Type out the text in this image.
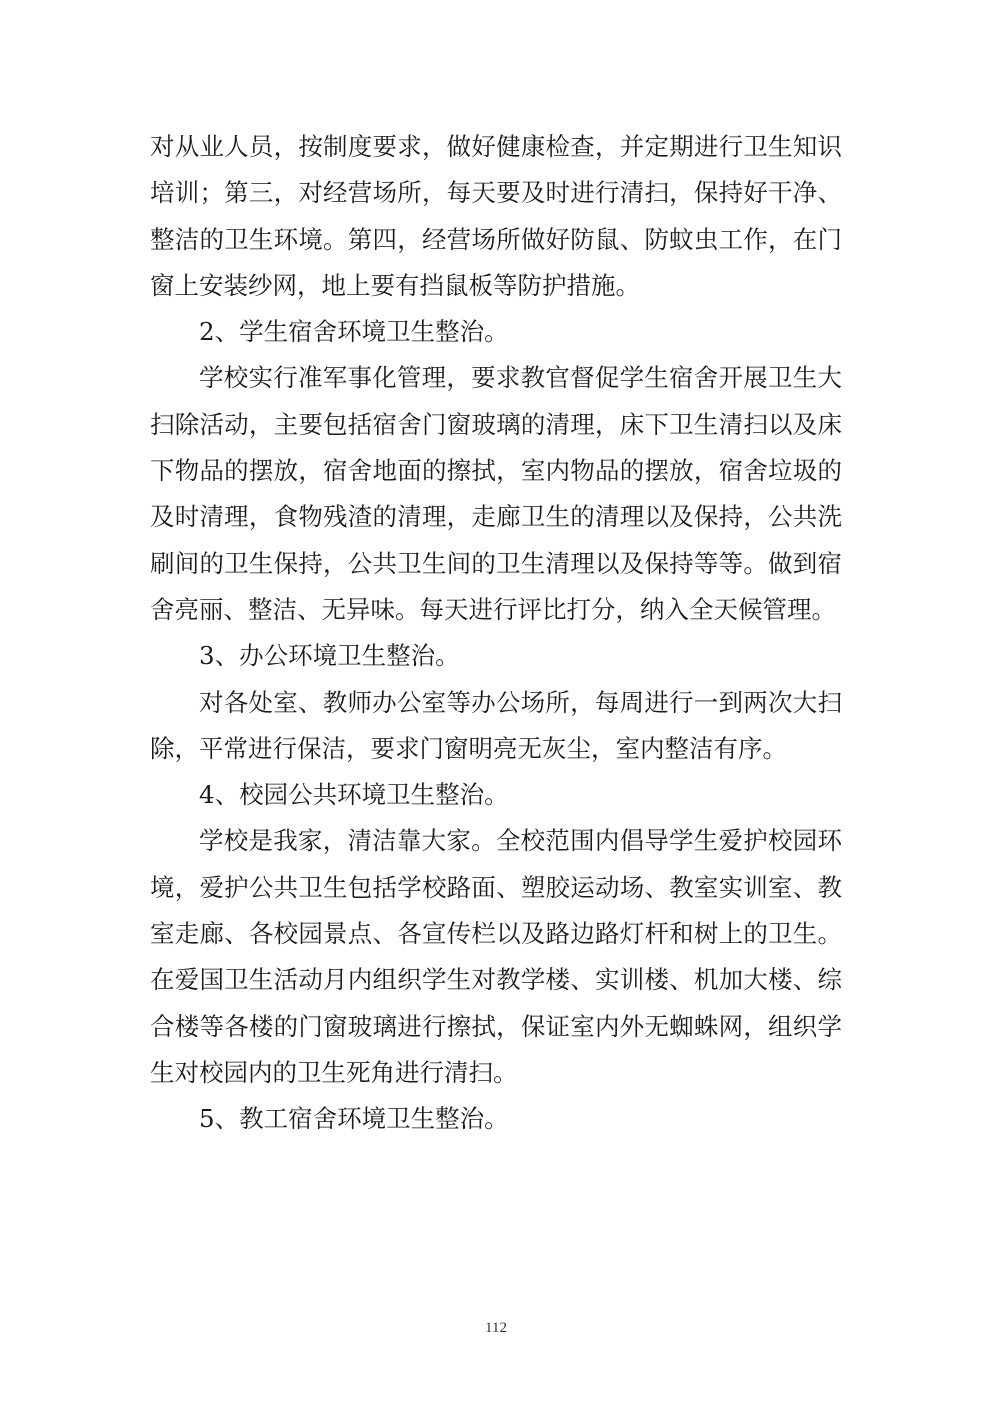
对从业人员，按制度要求，做好健康检查，并定期进行卫生知识培训；第三，对经营场所，每天要及时进行清扫，保持好干净、整洁的卫生环境。第四，经营场所做好防鼠、防蚊虫工作，在门窗上安装纱网，地上要有挡鼠板等防护措施。

2、学生宿舍环境卫生整治。

学校实行准军事化管理，要求教官督促学生宿舍开展卫生大扫除活动，主要包括宿舍门窗玻璃的清理，床下卫生清扫以及床下物品的摆放，宿舍地面的擦拭，室内物品的摆放，宿舍垃圾的及时清理，食物残渣的清理，走廊卫生的清理以及保持，公共洗刷间的卫生保持，公共卫生间的卫生清理以及保持等等。做到宿舍亮丽、整洁、无异味。每天进行评比打分，纳入全天候管理。

3、办公环境卫生整治。

对各处室、教师办公室等办公场所，每周进行一到两次大扫除，平常进行保洁，要求门窗明亮无灰尘，室内整洁有序。

4、校园公共环境卫生整治。

学校是我家，清洁靠大家。全校范围内倡导学生爱护校园环境，爱护公共卫生包括学校路面、塑胶运动场、教室实训室、教室走廊、各校园景点、各宣传栏以及路边路灯杆和树上的卫生。在爱国卫生活动月内组织学生对教学楼、实训楼、机加大楼、综合楼等各楼的门窗玻璃进行擦拭，保证室内外无蜘蛛网，组织学生对校园内的卫生死角进行清扫。

5、教工宿舍环境卫生整治。

112
